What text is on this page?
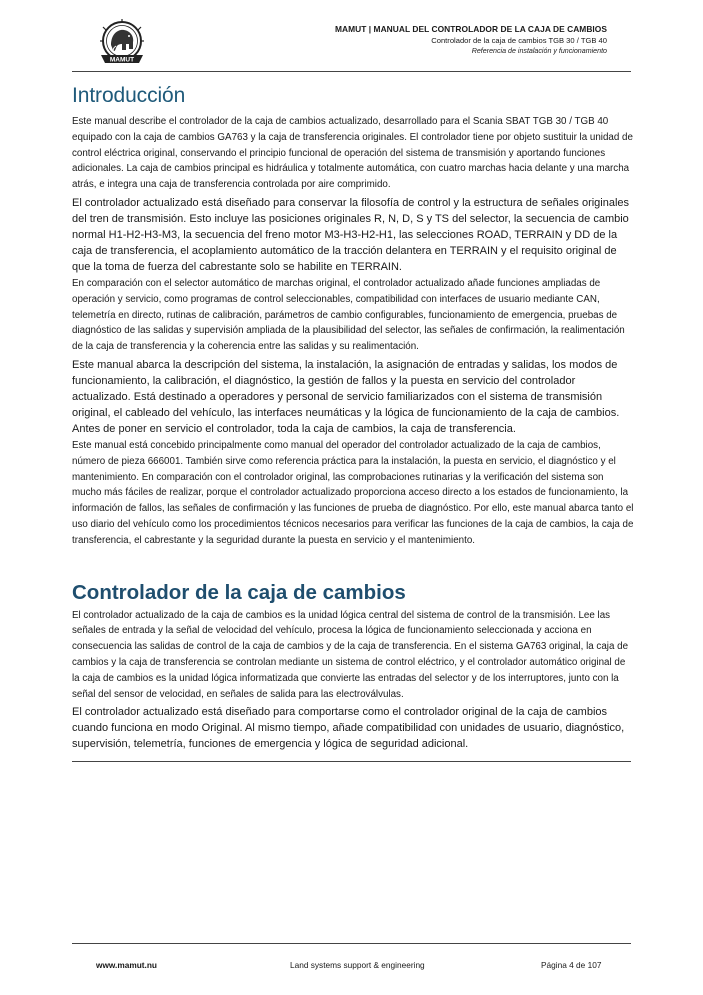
MAMUT
MAMUT | MANUAL DEL CONTROLADOR DE LA CAJA DE CAMBIOS
Controlador de la caja de cambios TGB 30 / TGB 40
Referencia de instalación y funcionamiento
Introducción

Este manual describe el controlador de la caja de cambios actualizado, desarrollado para el Scania SBAT TGB 30 / TGB 40 equipado con la caja de cambios GA763 y la caja de transferencia originales. El controlador tiene por objeto sustituir la unidad de control eléctrica original, conservando el principio funcional de operación del sistema de transmisión y aportando funciones adicionales. La caja de cambios principal es hidráulica y totalmente automática, con cuatro marchas hacia delante y una marcha atrás, e integra una caja de transferencia controlada por aire comprimido.

El controlador actualizado está diseñado para conservar la filosofía de control y la estructura de señales originales del tren de transmisión. Esto incluye las posiciones originales R, N, D, S y TS del selector, la secuencia de cambio normal H1-H2-H3-M3, la secuencia del freno motor M3-H3-H2-H1, las selecciones ROAD, TERRAIN y DD de la caja de transferencia, el acoplamiento automático de la tracción delantera en TERRAIN y el requisito original de que la toma de fuerza del cabrestante solo se habilite en TERRAIN.

En comparación con el selector automático de marchas original, el controlador actualizado añade funciones ampliadas de operación y servicio, como programas de control seleccionables, compatibilidad con interfaces de usuario mediante CAN, telemetría en directo, rutinas de calibración, parámetros de cambio configurables, funcionamiento de emergencia, pruebas de diagnóstico de las salidas y supervisión ampliada de la plausibilidad del selector, las señales de confirmación, la realimentación de la caja de transferencia y la coherencia entre las salidas y su realimentación.

Este manual abarca la descripción del sistema, la instalación, la asignación de entradas y salidas, los modos de funcionamiento, la calibración, el diagnóstico, la gestión de fallos y la puesta en servicio del controlador actualizado. Está destinado a operadores y personal de servicio familiarizados con el sistema de transmisión original, el cableado del vehículo, las interfaces neumáticas y la lógica de funcionamiento de la caja de cambios. Antes de poner en servicio el controlador, toda la caja de cambios, la caja de transferencia.

Este manual está concebido principalmente como manual del operador del controlador actualizado de la caja de cambios, número de pieza 666001. También sirve como referencia práctica para la instalación, la puesta en servicio, el diagnóstico y el mantenimiento. En comparación con el controlador original, las comprobaciones rutinarias y la verificación del sistema son mucho más fáciles de realizar, porque el controlador actualizado proporciona acceso directo a los estados de funcionamiento, la información de fallos, las señales de confirmación y las funciones de prueba de diagnóstico. Por ello, este manual abarca tanto el uso diario del vehículo como los procedimientos técnicos necesarios para verificar las funciones de la caja de cambios, la caja de transferencia, el cabrestante y la seguridad durante la puesta en servicio y el mantenimiento.

Controlador de la caja de cambios

El controlador actualizado de la caja de cambios es la unidad lógica central del sistema de control de la transmisión. Lee las señales de entrada y la señal de velocidad del vehículo, procesa la lógica de funcionamiento seleccionada y acciona en consecuencia las salidas de control de la caja de cambios y de la caja de transferencia. En el sistema GA763 original, la caja de cambios y la caja de transferencia se controlan mediante un sistema de control eléctrico, y el controlador automático original de la caja de cambios es la unidad lógica informatizada que convierte las entradas del selector y de los interruptores, junto con la señal del sensor de velocidad, en señales de salida para las electroválvulas.

El controlador actualizado está diseñado para comportarse como el controlador original de la caja de cambios cuando funciona en modo Original. Al mismo tiempo, añade compatibilidad con unidades de usuario, diagnóstico, supervisión, telemetría, funciones de emergencia y lógica de seguridad adicional.

www.mamut.nu	Land systems support & engineering	Página 4 de 107
